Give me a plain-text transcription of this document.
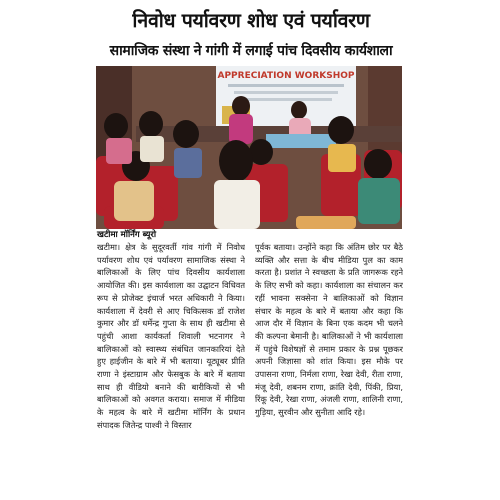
निवोध पर्यावरण शोध एवं पर्यावरण
सामाजिक संस्था ने गांगी में लगाई पांच दिवसीय कार्यशाला
APPRECIATION WORKSHOP
खटीमा मॉर्निंग ब्यूरो
खटीमा। क्षेत्र के सुदूरवर्ती गांव गांगी में निवोध पर्यावरण शोध एवं पर्यावरण सामाजिक संस्था ने बालिकाओं के लिए पांच दिवसीय कार्यशाला आयोजित की। इस कार्यशाला का उद्घाटन विधिवत रूप से प्रोजेक्ट इंचार्ज भरत अधिकारी ने किया। कार्यशाला में देवरी से आए चिकित्सक डॉ राजेश कुमार और डॉ धर्मेन्द्र गुप्ता के साथ ही खटीमा से पहुंची आशा कार्यकर्ता शिवाली भटनागर ने बालिकाओं को स्वास्थ्य संबंधित जानकारियां देते हुए हाईजीन के बारे में भी बताया। यूट्यूबर प्रीति राणा ने इंस्टाग्राम और फेसबुक के बारे में बताया साथ ही वीडियो बनाने की बारीकियों से भी बालिकाओं को अवगत कराया। समाज में मीडिया के महत्व के बारे में खटीमा मॉर्निंग के प्रधान संपादक जितेन्द्र पाश्वी ने विस्तार
पूर्वक बताया। उन्होंने कहा कि अंतिम छोर पर बैठे व्यक्ति और सत्ता के बीच मीडिया पुल का काम करता है। प्रशांत ने स्वच्छता के प्रति जागरूक रहने के लिए सभी को कहा। कार्यशाला का संचालन कर रहीं भावना सक्सेना ने बालिकाओं को विज्ञान संचार के महत्व के बारे में बताया और कहा कि आज दौर में विज्ञान के बिना एक कदम भी चलने की कल्पना बेमानी है। बालिकाओं ने भी कार्यशाला में पहुंचे विशेषज्ञों से तमाम प्रकार के प्रश्न पूछकर अपनी जिज्ञासा को शांत किया। इस मौके पर उपासना राणा, निर्मला राणा, रेखा देवी, रीता राणा, मंजू देवी, शबनम राणा, क्रांति देवी, पिंकी, प्रिया, रिंकू देवी, रेखा राणा, अंजली राणा, शालिनी राणा, गुड़िया, सुरवीन और सुनीता आदि रहे।
